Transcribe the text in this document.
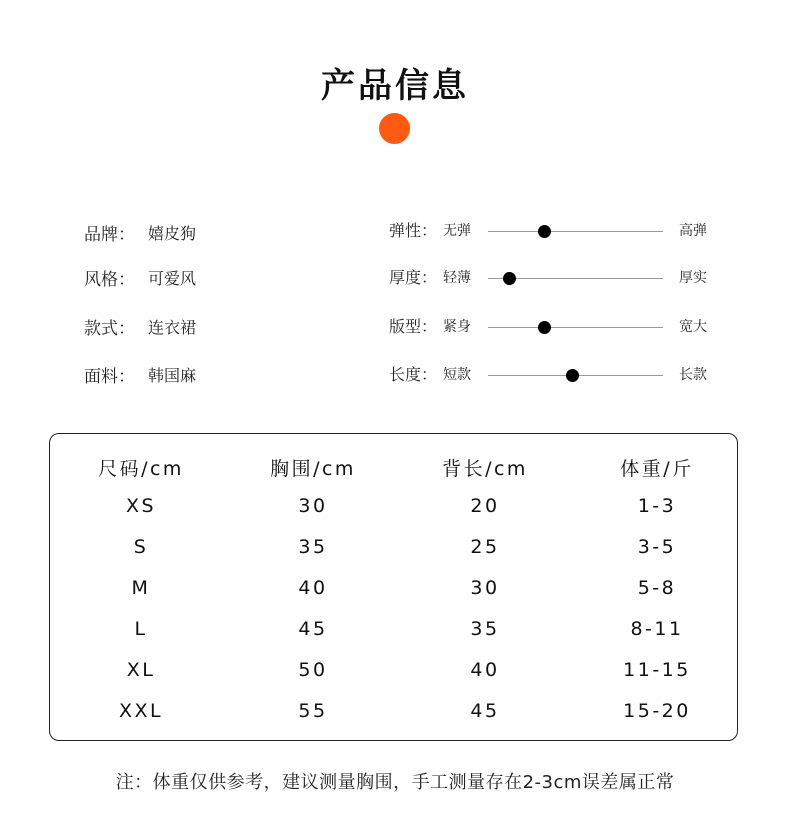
产品信息
品牌： 嬉皮狗
风格： 可爱风
款式： 连衣裙
面料： 韩国麻
弹性： 无弹	高弹
厚度： 轻薄	厚实
版型： 紧身	宽大
长度： 短款	长款
尺码/cm	胸围/cm	背长/cm	体重/斤
XS	30	20	1-3
S	35	25	3-5
M	40	30	5-8
L	45	35	8-11
XL	50	40	11-15
XXL	55	45	15-20
注：体重仅供参考，建议测量胸围，手工测量存在2-3cm误差属正常
